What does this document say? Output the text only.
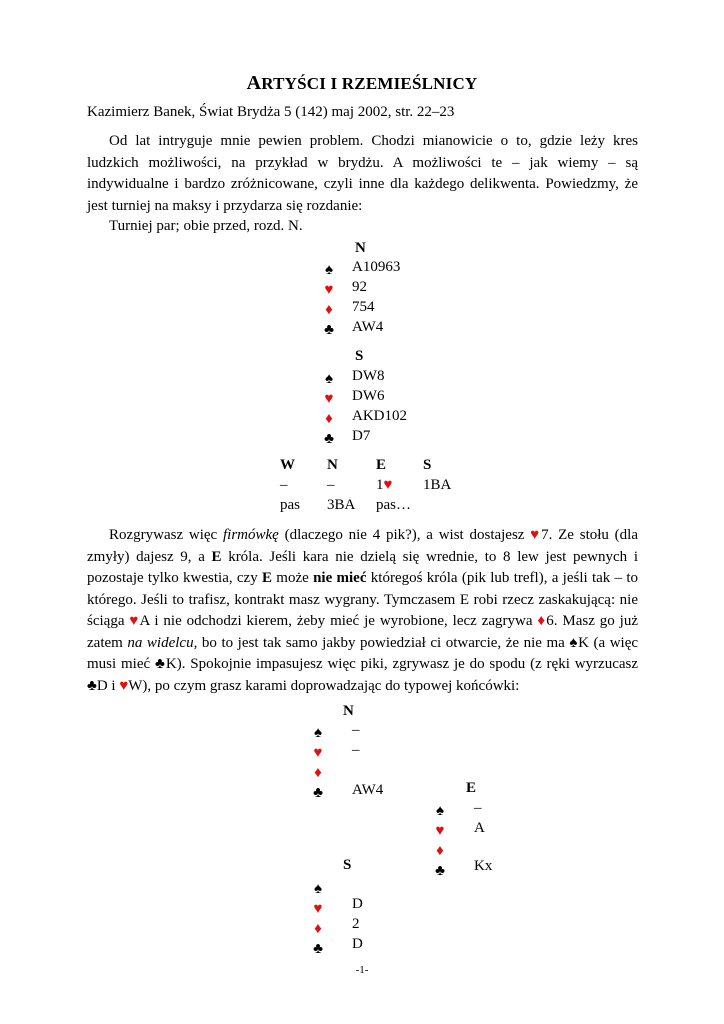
ARTYŚCI I RZEMIEŚLNICY
Kazimierz Banek, Świat Brydża 5 (142) maj 2002, str. 22–23

Od lat intryguje mnie pewien problem. Chodzi mianowicie o to, gdzie leży kres ludzkich możliwości, na przykład w brydżu. A możliwości te – jak wiemy – są indywidualne i bardzo zróżnicowane, czyli inne dla każdego delikwenta. Powiedzmy, że jest turniej na maksy i przydarza się rozdanie:

Turniej par; obie przed, rozd. N.
N
♠ A10963
♥ 92
♦ 754
♣ AW4
S
♠ DW8
♥ DW6
♦ AKD102
♣ D7
W N	E S
–	–	1♥ 1BA
pas 3BA pas…

Rozgrywasz więc firmówkę (dlaczego nie 4 pik?), a wist dostajesz ♥7. Ze stołu (dla zmyły) dajesz 9, a E króla. Jeśli kara nie dzielą się wrednie, to 8 lew jest pewnych i pozostaje tylko kwestia, czy E może nie mieć któregoś króla (pik lub trefl), a jeśli tak – to którego. Jeśli to trafisz, kontrakt masz wygrany. Tymczasem E robi rzecz zaskakującą: nie ściąga ♥A i nie odchodzi kierem, żeby mieć je wyrobione, lecz zagrywa ♦6. Masz go już zatem na widelcu, bo to jest tak samo jakby powiedział ci otwarcie, że nie ma ♠K (a więc musi mieć ♣K). Spokojnie impasujesz więc piki, zgrywasz je do spodu (z ręki wyrzucasz ♣D i ♥W), po czym grasz karami doprowadzając do typowej końcówki:

N
♠ –
♥ –
♦
♣ AW4	E
♠ –
♥ A
♦
♣ Kx
S
♠
♥ D
♦ 2
♣ D
-1-
